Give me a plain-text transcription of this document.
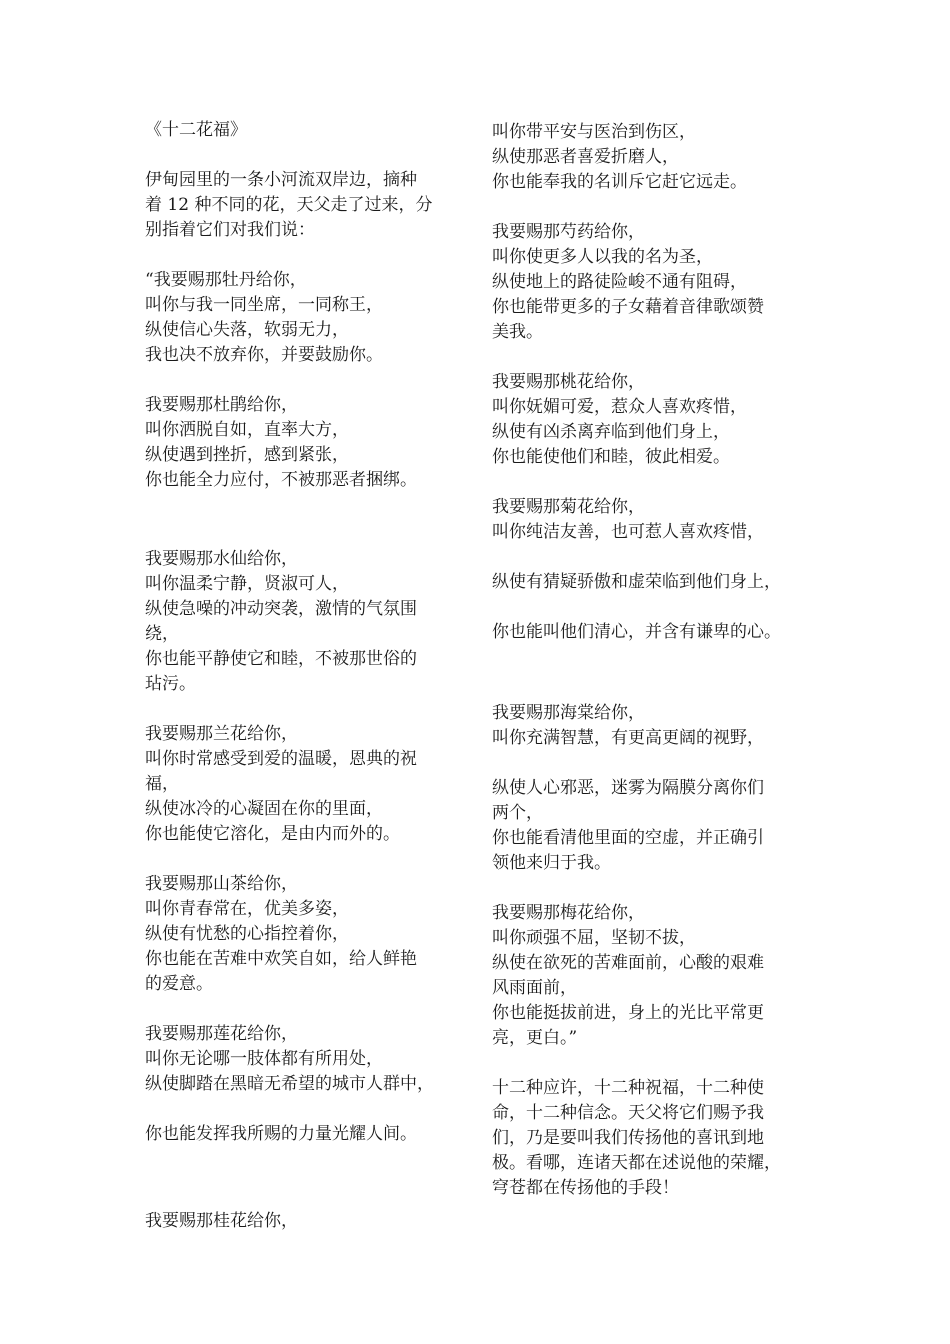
《十二花福》
伊甸园里的一条小河流双岸边，摘种
着 12 种不同的花，天父走了过来，分
别指着它们对我们说：
“我要赐那牡丹给你，
叫你与我一同坐席，一同称王，
纵使信心失落，软弱无力，
我也决不放弃你，并要鼓励你。
我要赐那杜鹃给你，
叫你洒脱自如，直率大方，
纵使遇到挫折，感到紧张，
你也能全力应付，不被那恶者捆绑。
我要赐那水仙给你，
叫你温柔宁静，贤淑可人，
纵使急噪的冲动突袭，激情的气氛围
绕，
你也能平静使它和睦，不被那世俗的
玷污。
我要赐那兰花给你，
叫你时常感受到爱的温暖，恩典的祝
福，
纵使冰冷的心凝固在你的里面，
你也能使它溶化，是由内而外的。
我要赐那山茶给你，
叫你青春常在，优美多姿，
纵使有忧愁的心指控着你，
你也能在苦难中欢笑自如，给人鲜艳
的爱意。
我要赐那莲花给你，
叫你无论哪一肢体都有所用处，
纵使脚踏在黑暗无希望的城市人群中，
你也能发挥我所赐的力量光耀人间。
我要赐那桂花给你，
叫你带平安与医治到伤区，
纵使那恶者喜爱折磨人，
你也能奉我的名训斥它赶它远走。
我要赐那芍药给你，
叫你使更多人以我的名为圣，
纵使地上的路徒险峻不通有阻碍，
你也能带更多的子女藉着音律歌颂赞
美我。
我要赐那桃花给你，
叫你妩媚可爱，惹众人喜欢疼惜，
纵使有凶杀离弃临到他们身上，
你也能使他们和睦，彼此相爱。
我要赐那菊花给你，
叫你纯洁友善，也可惹人喜欢疼惜，
纵使有猜疑骄傲和虚荣临到他们身上，
你也能叫他们清心，并含有谦卑的心。
我要赐那海棠给你，
叫你充满智慧，有更高更阔的视野，
纵使人心邪恶，迷雾为隔膜分离你们
两个，
你也能看清他里面的空虚，并正确引
领他来归于我。
我要赐那梅花给你，
叫你顽强不屈，坚韧不拔，
纵使在欲死的苦难面前，心酸的艰难
风雨面前，
你也能挺拔前进，身上的光比平常更
亮，更白。”
十二种应许，十二种祝福，十二种使
命，十二种信念。天父将它们赐予我
们，乃是要叫我们传扬他的喜讯到地
极。看哪，连诸天都在述说他的荣耀，
穹苍都在传扬他的手段！
